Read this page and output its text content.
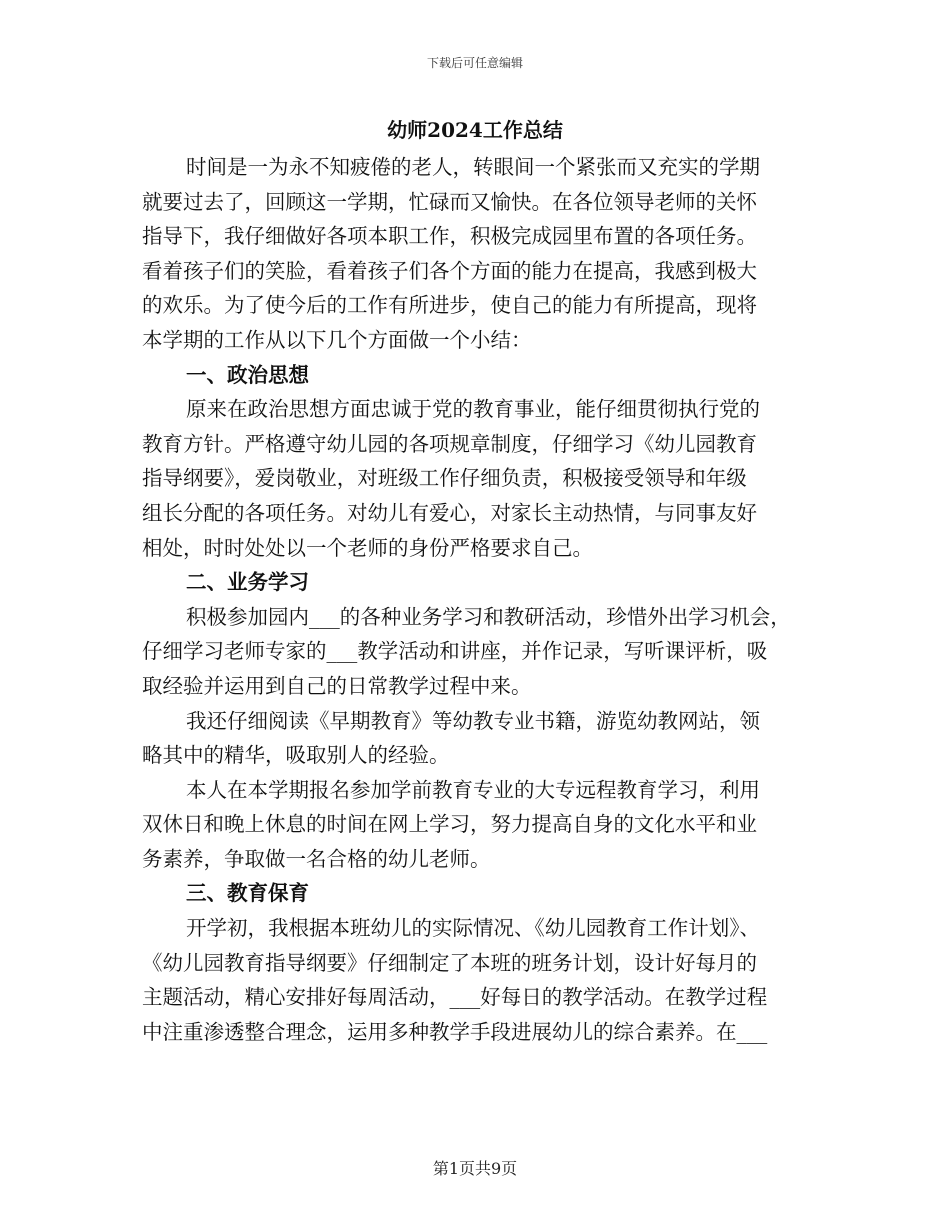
下载后可任意编辑
幼师2024工作总结
时间是一为永不知疲倦的老人，转眼间一个紧张而又充实的学期
就要过去了，回顾这一学期，忙碌而又愉快。在各位领导老师的关怀
指导下，我仔细做好各项本职工作，积极完成园里布置的各项任务。
看着孩子们的笑脸，看着孩子们各个方面的能力在提高，我感到极大
的欢乐。为了使今后的工作有所进步，使自己的能力有所提高，现将
本学期的工作从以下几个方面做一个小结：
一、政治思想
原来在政治思想方面忠诚于党的教育事业，能仔细贯彻执行党的
教育方针。严格遵守幼儿园的各项规章制度，仔细学习《幼儿园教育
指导纲要》，爱岗敬业，对班级工作仔细负责，积极接受领导和年级
组长分配的各项任务。对幼儿有爱心，对家长主动热情，与同事友好
相处，时时处处以一个老师的身份严格要求自己。
二、业务学习
积极参加园内___的各种业务学习和教研活动，珍惜外出学习机会，
仔细学习老师专家的___教学活动和讲座，并作记录，写听课评析，吸
取经验并运用到自己的日常教学过程中来。
我还仔细阅读《早期教育》等幼教专业书籍，游览幼教网站，领
略其中的精华，吸取别人的经验。
本人在本学期报名参加学前教育专业的大专远程教育学习，利用
双休日和晚上休息的时间在网上学习，努力提高自身的文化水平和业
务素养，争取做一名合格的幼儿老师。
三、教育保育
开学初，我根据本班幼儿的实际情况、《幼儿园教育工作计划》、
《幼儿园教育指导纲要》仔细制定了本班的班务计划，设计好每月的
主题活动，精心安排好每周活动，___好每日的教学活动。在教学过程
中注重渗透整合理念，运用多种教学手段进展幼儿的综合素养。在___
第1页共9页
